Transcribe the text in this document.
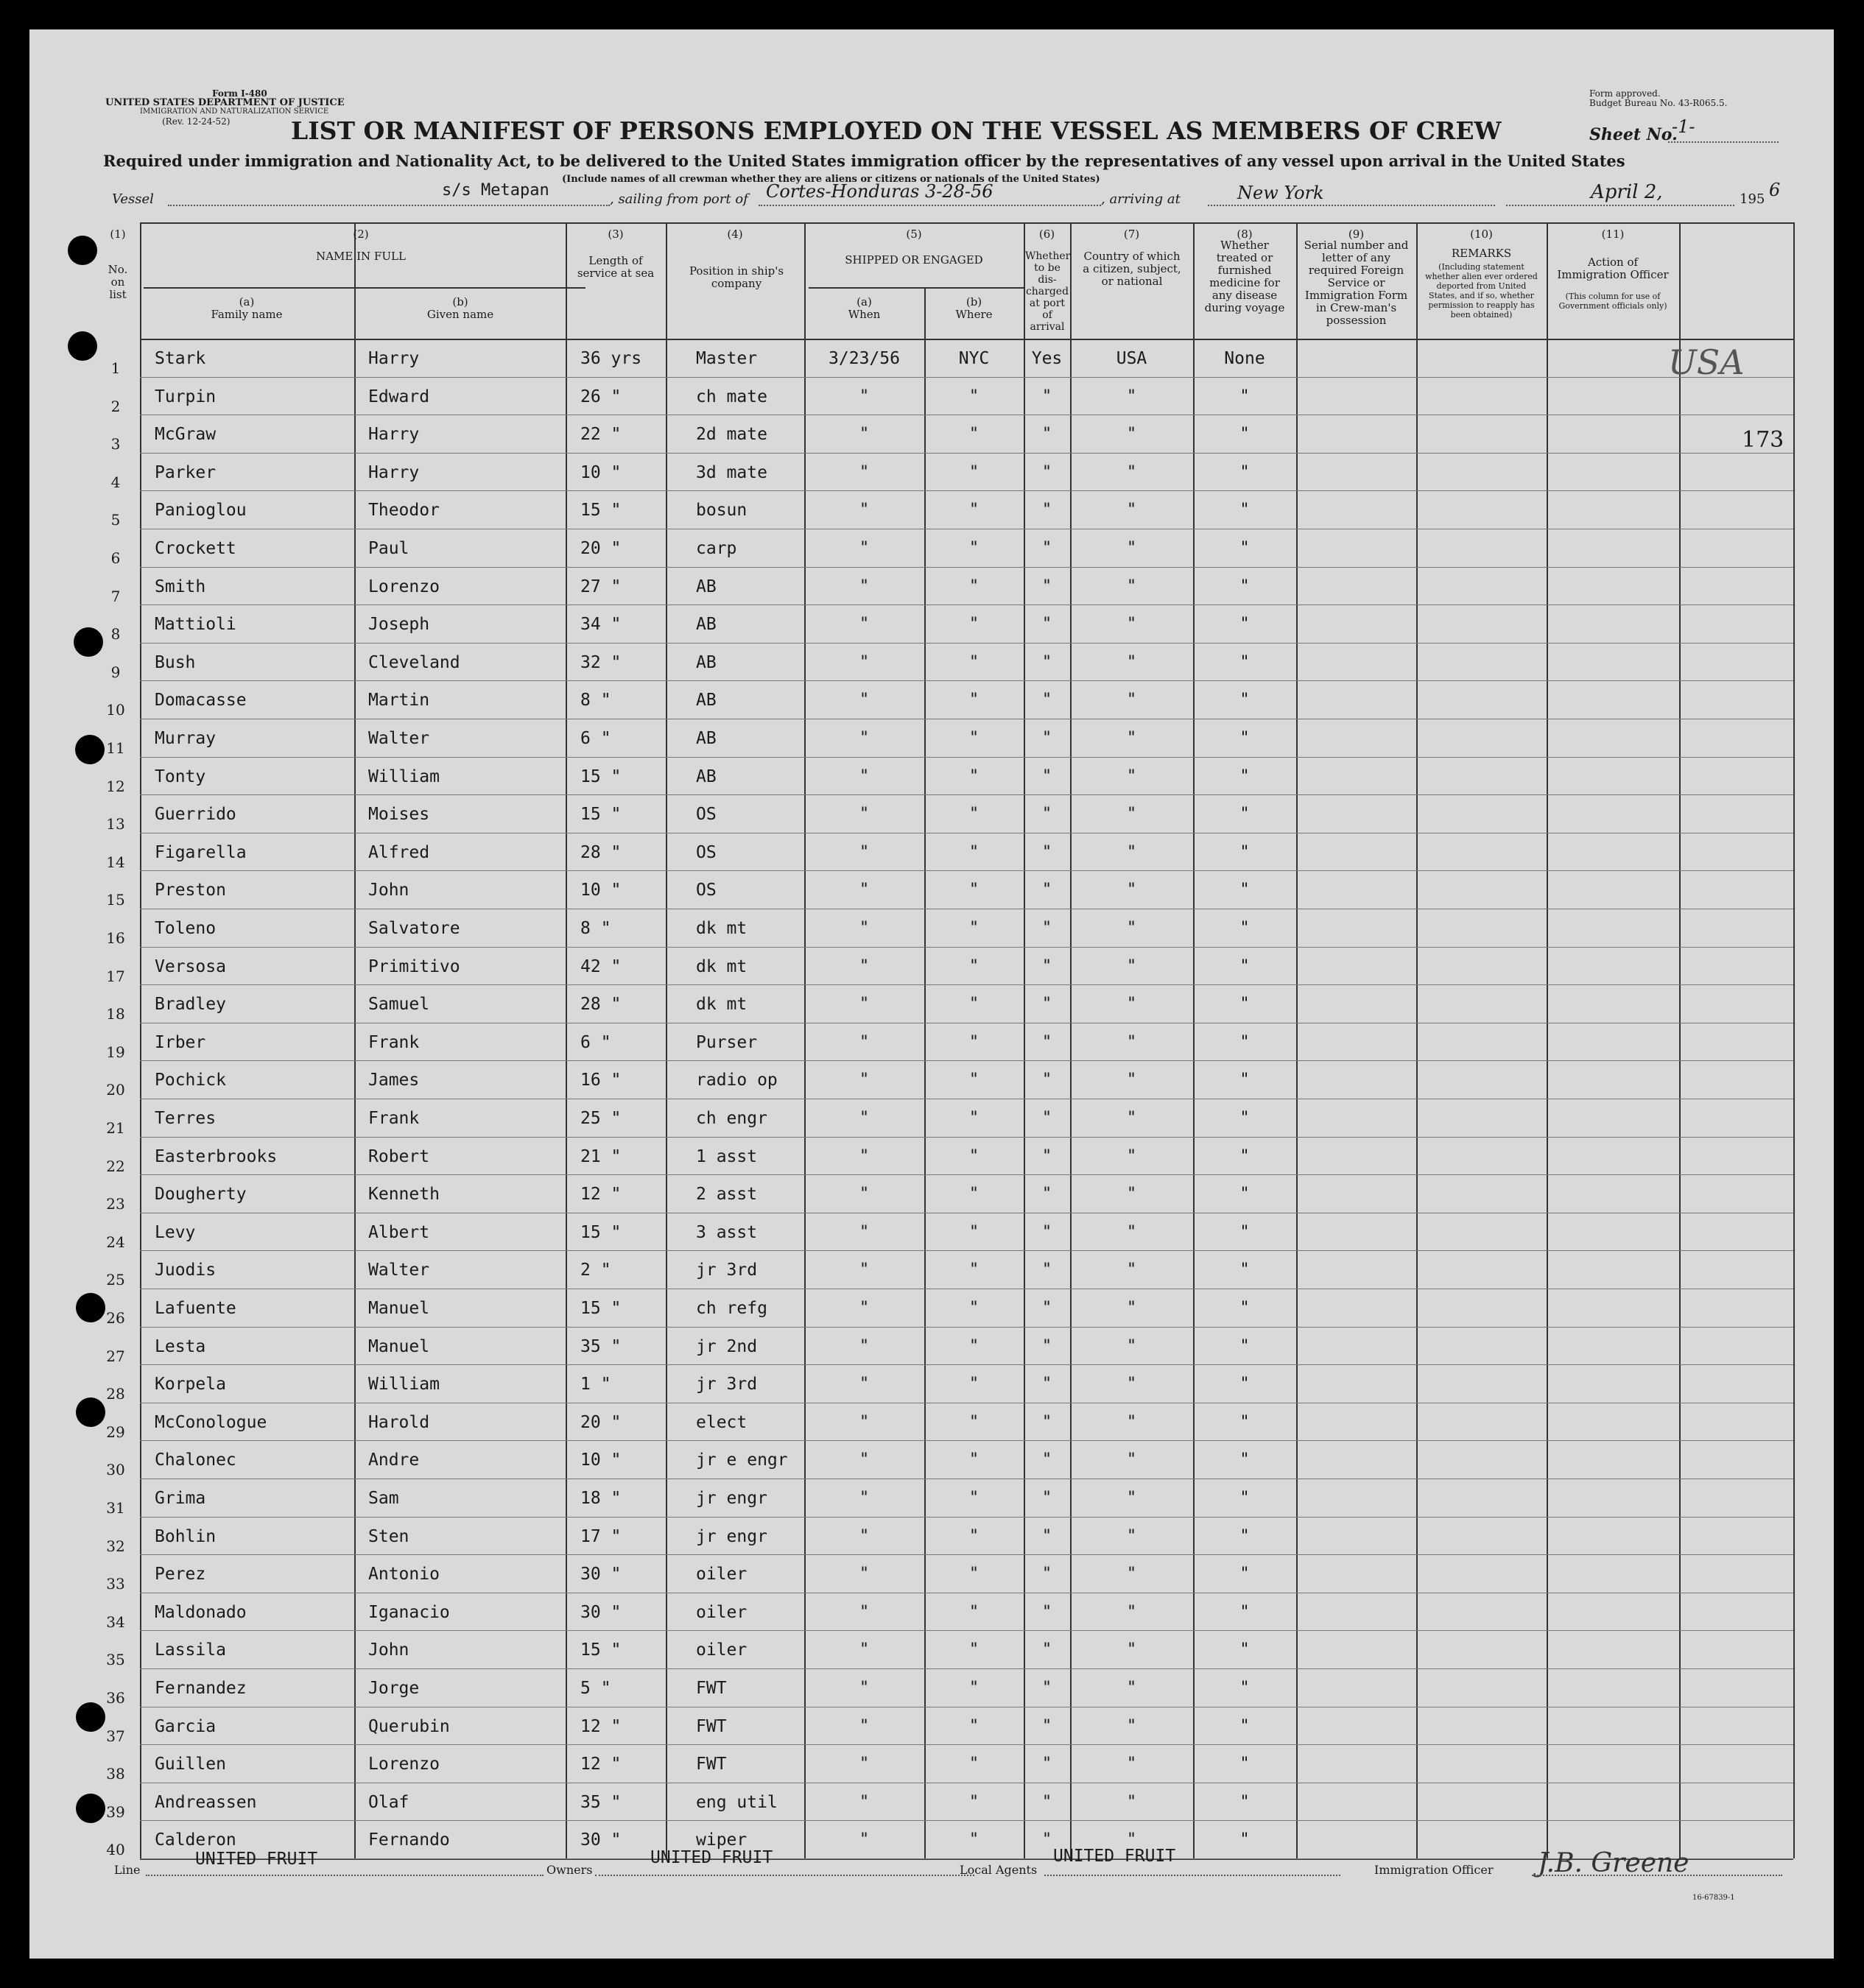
Form I-480
UNITED STATES DEPARTMENT OF JUSTICE
IMMIGRATION AND NATURALIZATION SERVICE
(Rev. 12-24-52)
Form approved.
Budget Bureau No. 43-R065.5.
LIST OR MANIFEST OF PERSONS EMPLOYED ON THE VESSEL AS MEMBERS OF CREW	Sheet No.
-1-
Required under immigration and Nationality Act, to be delivered to the United States immigration officer by the representatives of any vessel upon arrival in the United States
(Include names of all crewman whether they are aliens or citizens or nationals of the United States)
Vessel	s/s Metapan	, sailing from port of Cortes-Honduras 3-28-56	, arriving at	New York	April 2,	195 6
(1)
No. on list
(2)
NAME IN FULL
(a)
Family name
(b)
Given name
(3)
Length of service at sea
(4)
Position in ship's company
(5)
SHIPPED OR ENGAGED
(a)
When
(b)
Where
(6)
Whether to be dis-charged at port of arrival
(7)
Country of which a citizen, subject, or national
(8)
Whether treated or furnished medicine for any disease during voyage
(9)
Serial number and letter of any required Foreign Service or Immigration Form in Crew-man's possession
(10)
REMARKS
(Including statement whether alien ever ordered deported from United States, and if so, whether permission to reapply has been obtained)
(11)
Action of Immigration Officer
(This column for use of Government officials only)
1	Stark	Harry	36 yrs	Master	3/23/56	NYC	Yes	USA	None
2	Turpin	Edward	26 "	ch mate	"	"	"	"	"
3	McGraw	Harry	22 "	2d mate	"	"	"	"	"
4	Parker	Harry	10 "	3d mate	"	"	"	"	"
5	Panioglou	Theodor	15 "	bosun	"	"	"	"	"
6	Crockett	Paul	20 "	carp	"	"	"	"	"
7	Smith	Lorenzo	27 "	AB	"	"	"	"	"
8	Mattioli	Joseph	34 "	AB	"	"	"	"	"
9	Bush	Cleveland	32 "	AB	"	"	"	"	"
10	Domacasse	Martin	8 "	AB	"	"	"	"	"
11	Murray	Walter	6 "	AB	"	"	"	"	"
12	Tonty	William	15 "	AB	"	"	"	"	"
13	Guerrido	Moises	15 "	OS	"	"	"	"	"
14	Figarella	Alfred	28 "	OS	"	"	"	"	"
15	Preston	John	10 "	OS	"	"	"	"	"
16	Toleno	Salvatore	8 "	dk mt	"	"	"	"	"
17	Versosa	Primitivo	42 "	dk mt	"	"	"	"	"
18	Bradley	Samuel	28 "	dk mt	"	"	"	"	"
19	Irber	Frank	6 "	Purser	"	"	"	"	"
20	Pochick	James	16 "	radio op	"	"	"	"	"
21	Terres	Frank	25 "	ch engr	"	"	"	"	"
22	Easterbrooks	Robert	21 "	1 asst	"	"	"	"	"
23	Dougherty	Kenneth	12 "	2 asst	"	"	"	"	"
24	Levy	Albert	15 "	3 asst	"	"	"	"	"
25	Juodis	Walter	2 "	jr 3rd	"	"	"	"	"
26	Lafuente	Manuel	15 "	ch refg	"	"	"	"	"
27	Lesta	Manuel	35 "	jr 2nd	"	"	"	"	"
28	Korpela	William	1 "	jr 3rd	"	"	"	"	"
29	McConologue	Harold	20 "	elect	"	"	"	"	"
30	Chalonec	Andre	10 "	jr e engr	"	"	"	"	"
31	Grima	Sam	18 "	jr engr	"	"	"	"	"
32	Bohlin	Sten	17 "	jr engr	"	"	"	"	"
33	Perez	Antonio	30 "	oiler	"	"	"	"	"
34	Maldonado	Iganacio	30 "	oiler	"	"	"	"	"
35	Lassila	John	15 "	oiler	"	"	"	"	"
36	Fernandez	Jorge	5 "	FWT	"	"	"	"	"
37	Garcia	Querubin	12 "	FWT	"	"	"	"	"
38	Guillen	Lorenzo	12 "	FWT	"	"	"	"	"
39	Andreassen	Olaf	35 "	eng util	"	"	"	"	"
40	Calderon	Fernando	30 "	wiper	"	"	"	"	"
USA
173
Line
UNITED FRUIT
Owners
UNITED FRUIT
Local Agents
UNITED FRUIT
Immigration Officer J.B. Greene
16-67839-1
